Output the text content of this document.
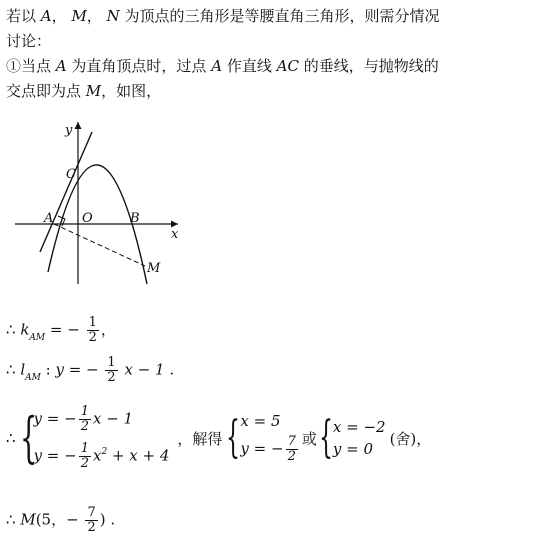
若以 A， M， N 为顶点的三角形是等腰直角三角形，则需分情况
讨论：
①当点 A 为直角顶点时，过点 A 作直线 AC 的垂线，与抛物线的
交点即为点 M，如图，
y
x
C
A O	B
M
∴ $k_{AM}$ = − $\frac{1}{2}$ ，
∴ $l_{AM}$ : y = − $\frac{1}{2}$ x − 1 .
∴ {
y = − $\frac{1}{2}$ x − 1
y = − $\frac{1}{2} x^2 + x + 4$
，解得 { x = 5
y = − $\frac{7}{2}$ 或 { x = −2
y = 0
(舍)，
∴ M(5，− $\frac{7}{2}$ ) .
